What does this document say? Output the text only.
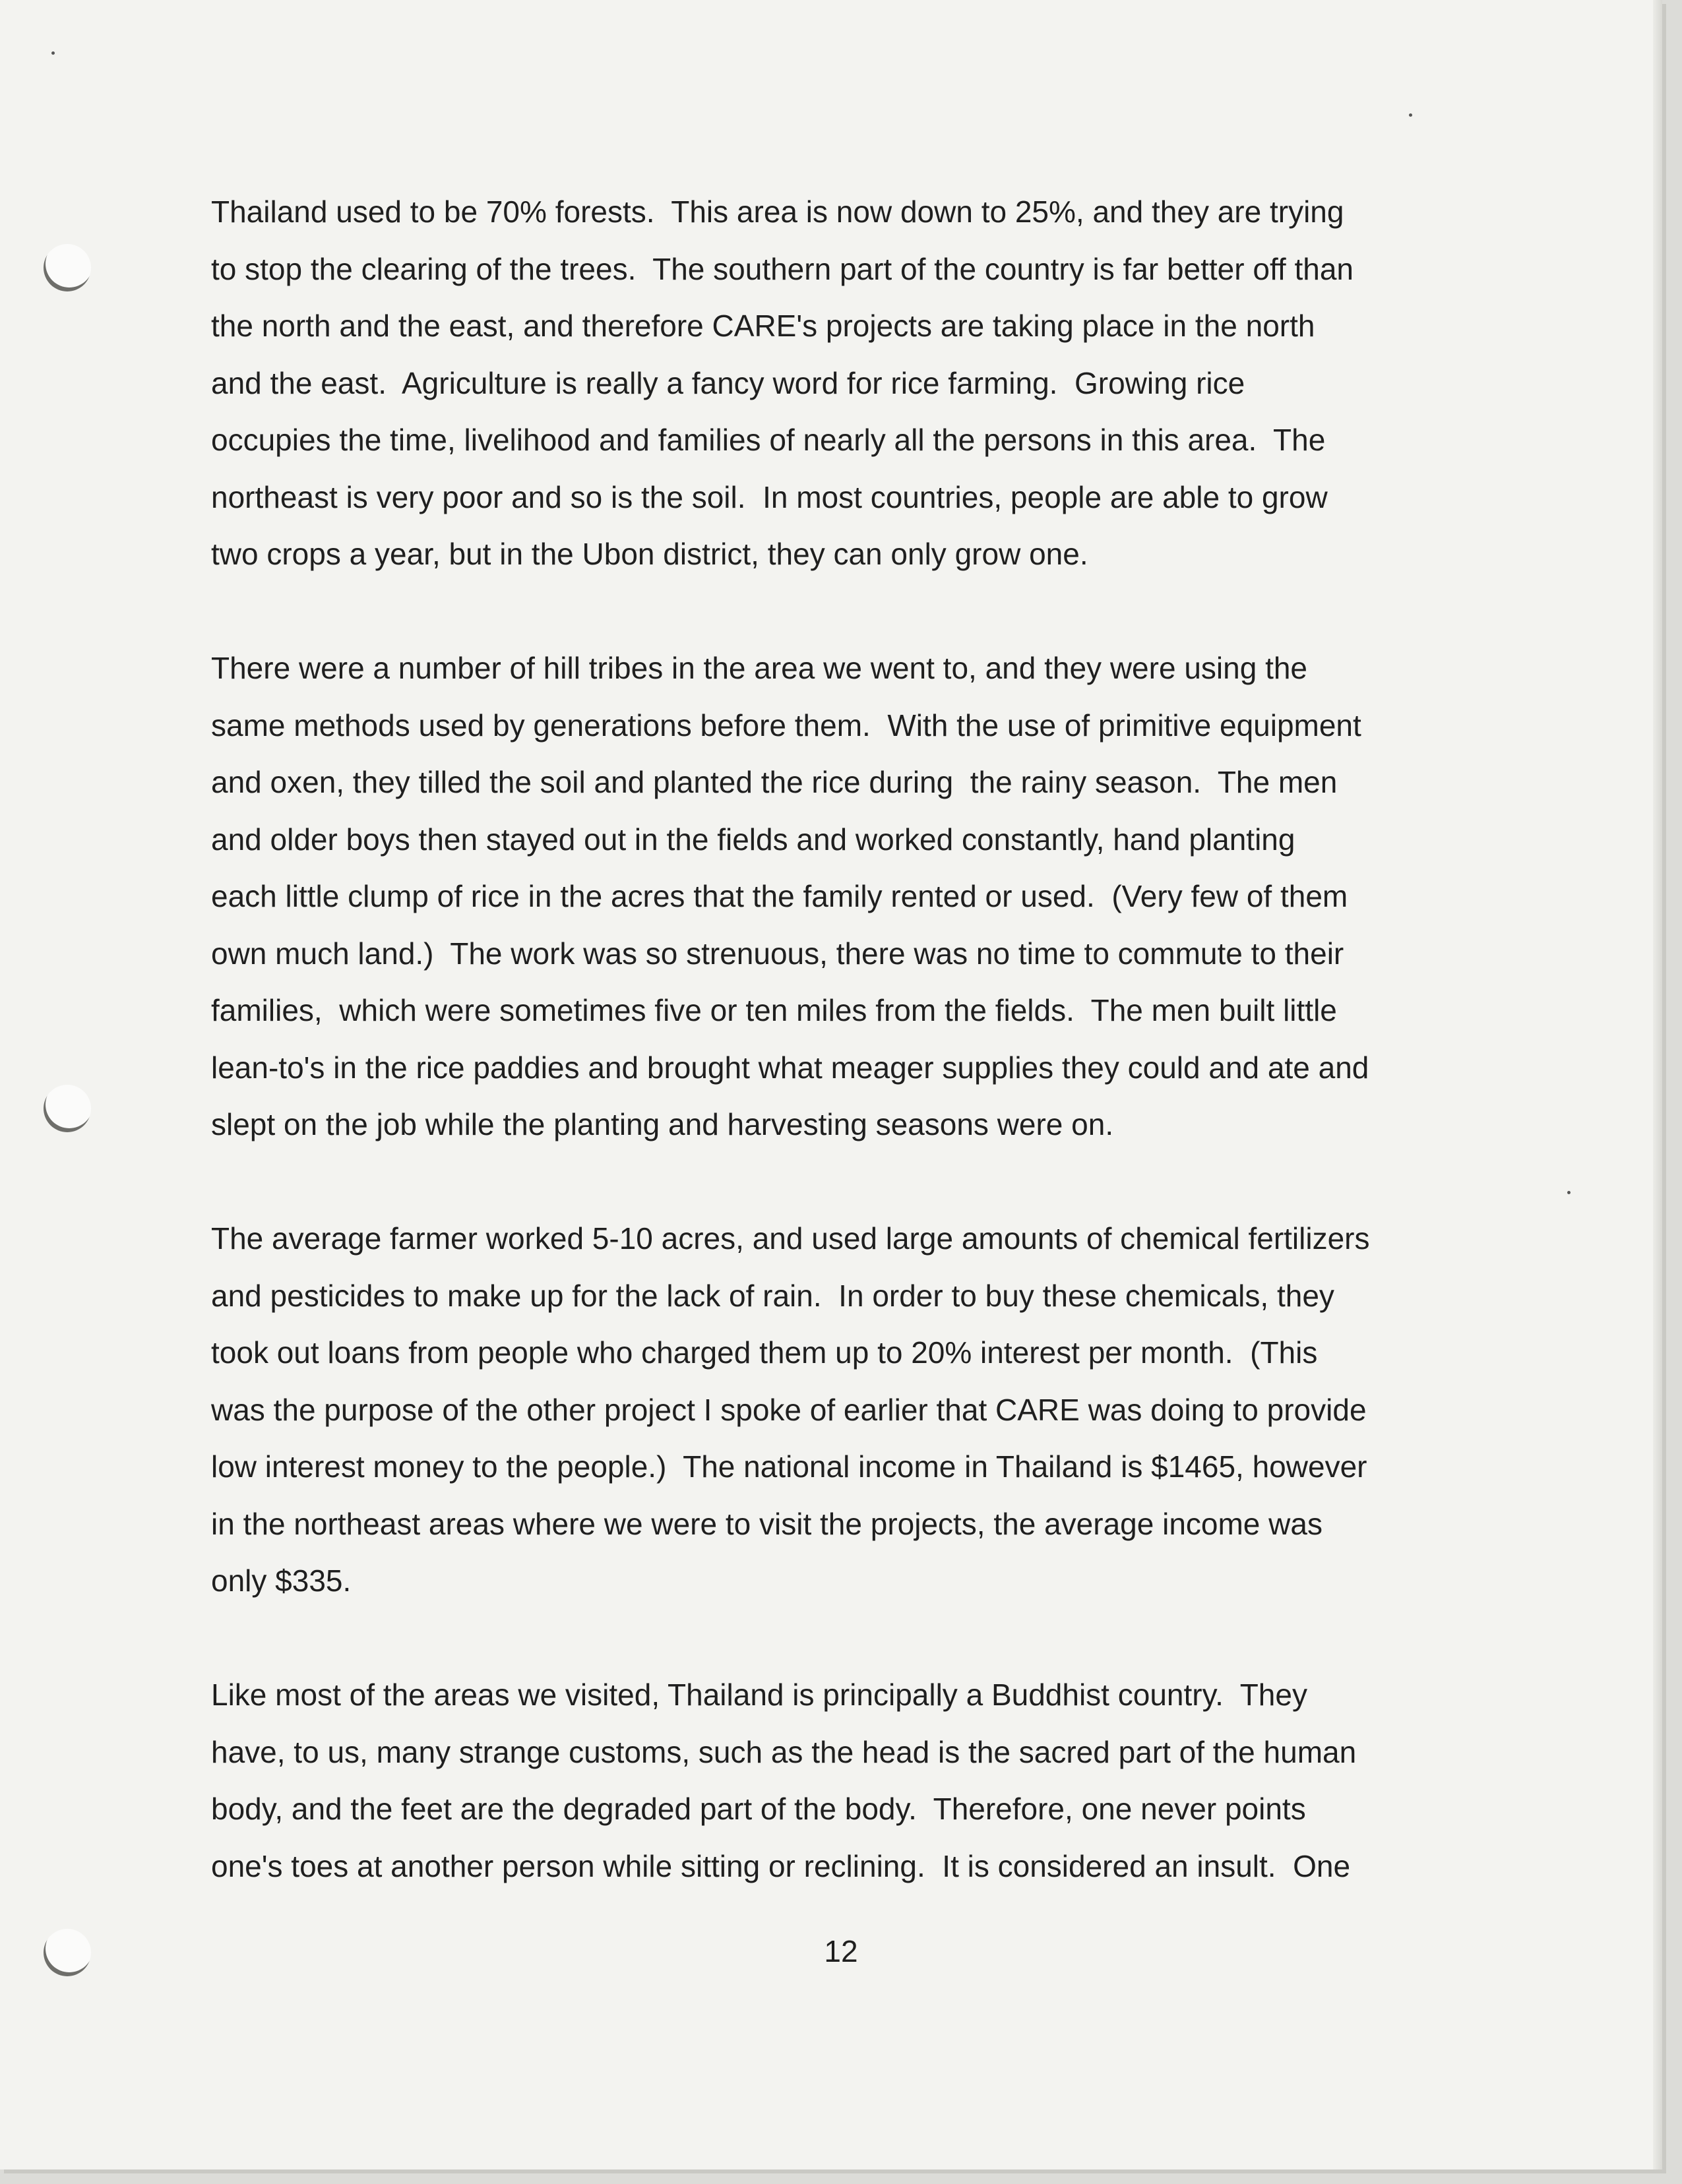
Thailand used to be 70% forests.  This area is now down to 25%, and they are trying
to stop the clearing of the trees.  The southern part of the country is far better off than
the north and the east, and therefore CARE's projects are taking place in the north
and the east.  Agriculture is really a fancy word for rice farming.  Growing rice
occupies the time, livelihood and families of nearly all the persons in this area.  The
northeast is very poor and so is the soil.  In most countries, people are able to grow
two crops a year, but in the Ubon district, they can only grow one.
There were a number of hill tribes in the area we went to, and they were using the
same methods used by generations before them.  With the use of primitive equipment
and oxen, they tilled the soil and planted the rice during  the rainy season.  The men
and older boys then stayed out in the fields and worked constantly, hand planting
each little clump of rice in the acres that the family rented or used.  (Very few of them
own much land.)  The work was so strenuous, there was no time to commute to their
families,  which were sometimes five or ten miles from the fields.  The men built little
lean-to's in the rice paddies and brought what meager supplies they could and ate and
slept on the job while the planting and harvesting seasons were on.
The average farmer worked 5-10 acres, and used large amounts of chemical fertilizers
and pesticides to make up for the lack of rain.  In order to buy these chemicals, they
took out loans from people who charged them up to 20% interest per month.  (This
was the purpose of the other project I spoke of earlier that CARE was doing to provide
low interest money to the people.)  The national income in Thailand is $1465, however
in the northeast areas where we were to visit the projects, the average income was
only $335.
Like most of the areas we visited, Thailand is principally a Buddhist country.  They
have, to us, many strange customs, such as the head is the sacred part of the human
body, and the feet are the degraded part of the body.  Therefore, one never points
one's toes at another person while sitting or reclining.  It is considered an insult.  One
12
